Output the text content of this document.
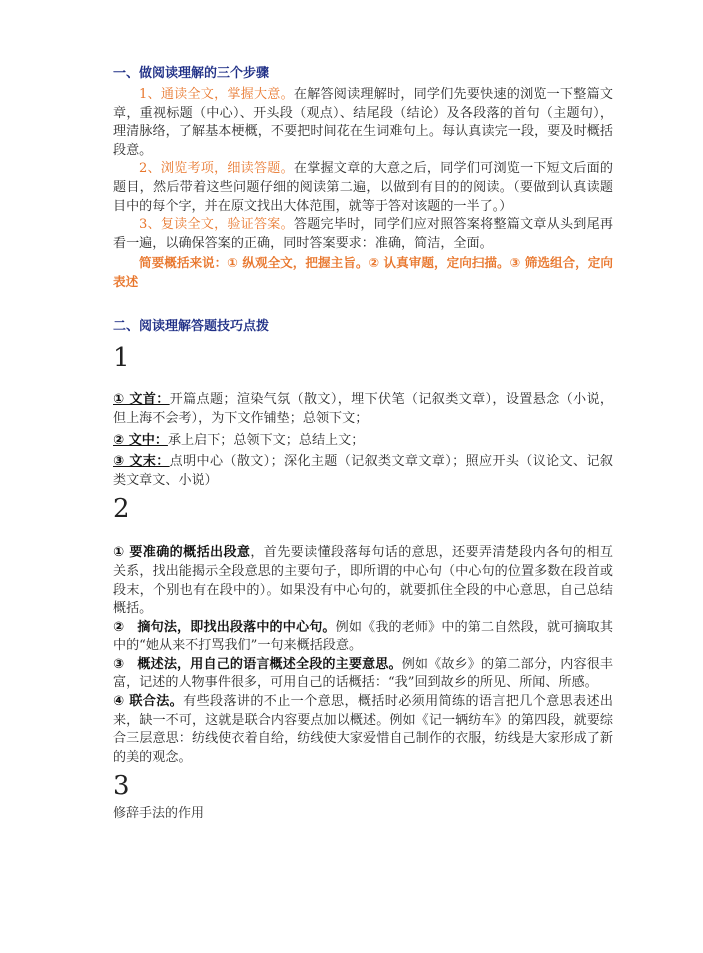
一、做阅读理解的三个步骤

1、通读全文，掌握大意。在解答阅读理解时，同学们先要快速的浏览一下整篇文章，重视标题（中心）、开头段（观点）、结尾段（结论）及各段落的首句（主题句），理清脉络，了解基本梗概，不要把时间花在生词难句上。每认真读完一段，要及时概括段意。

2、浏览考项，细读答题。在掌握文章的大意之后，同学们可浏览一下短文后面的题目，然后带着这些问题仔细的阅读第二遍，以做到有目的的阅读。（要做到认真读题目中的每个字，并在原文找出大体范围，就等于答对该题的一半了。）

3、复读全文，验证答案。答题完毕时，同学们应对照答案将整篇文章从头到尾再看一遍，以确保答案的正确，同时答案要求：准确，简洁，全面。

简要概括来说：① 纵观全文，把握主旨。② 认真审题，定向扫描。③ 筛选组合，定向表述

二、阅读理解答题技巧点拨

1

① 文首：开篇点题；渲染气氛（散文），埋下伏笔（记叙类文章），设置悬念（小说，但上海不会考），为下文作铺垫；总领下文；

② 文中：承上启下；总领下文；总结上文；

③ 文末：点明中心（散文）；深化主题（记叙类文章文章）；照应开头（议论文、记叙类文章文、小说）

2

① 要准确的概括出段意，首先要读懂段落每句话的意思，还要弄清楚段内各句的相互关系，找出能揭示全段意思的主要句子，即所谓的中心句（中心句的位置多数在段首或段末，个别也有在段中的）。如果没有中心句的，就要抓住全段的中心意思，自己总结概括。

②　摘句法，即找出段落中的中心句。例如《我的老师》中的第二自然段，就可摘取其中的“她从来不打骂我们”一句来概括段意。

③　概述法，用自己的语言概述全段的主要意思。例如《故乡》的第二部分，内容很丰富，记述的人物事件很多，可用自己的话概括：“我”回到故乡的所见、所闻、所感。

④ 联合法。有些段落讲的不止一个意思，概括时必须用简练的语言把几个意思表述出来，缺一不可，这就是联合内容要点加以概述。例如《记一辆纺车》的第四段，就要综合三层意思：纺线使衣着自给，纺线使大家爱惜自己制作的衣服，纺线是大家形成了新的美的观念。

3

修辞手法的作用
